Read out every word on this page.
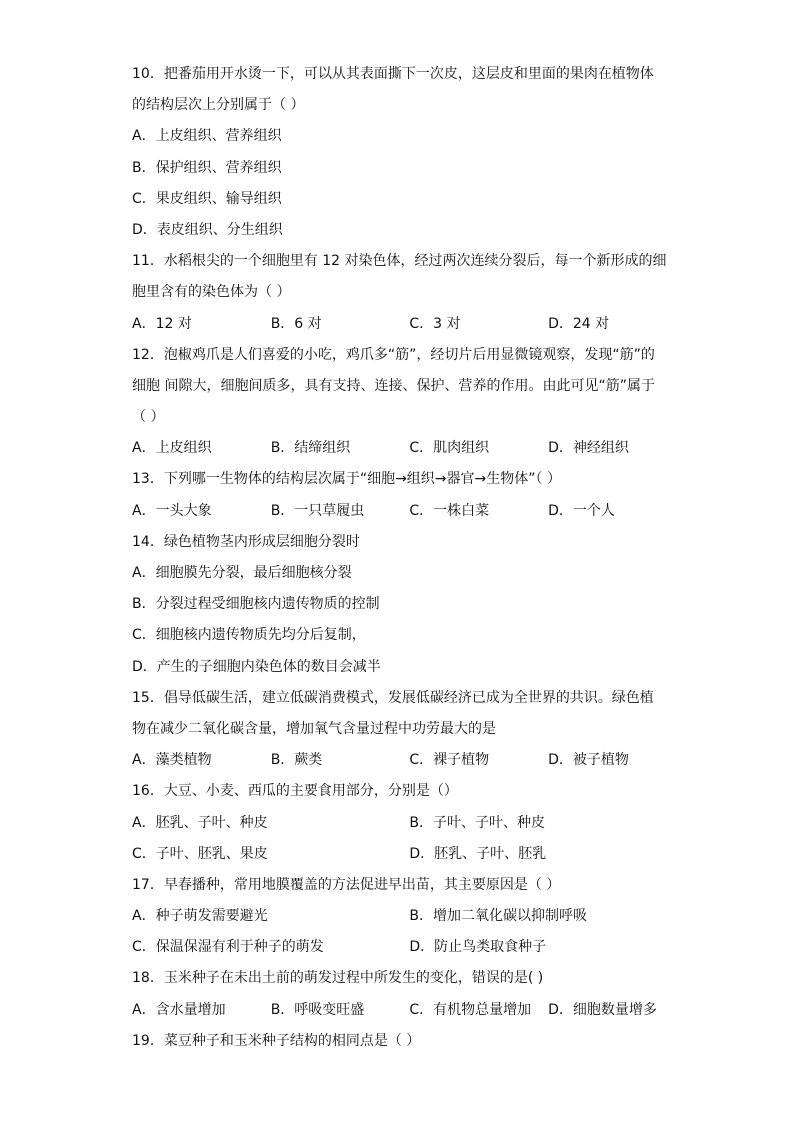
10．把番茄用开水烫一下，可以从其表面撕下一次皮，这层皮和里面的果肉在植物体
的结构层次上分别属于（ ）
A．上皮组织、营养组织
B．保护组织、营养组织
C．果皮组织、输导组织
D．表皮组织、分生组织
11．水稻根尖的一个细胞里有 12 对染色体，经过两次连续分裂后，每一个新形成的细
胞里含有的染色体为（ ）
A．12 对	B．6 对	C．3 对	D．24 对
12．泡椒鸡爪是人们喜爱的小吃，鸡爪多“筋”，经切片后用显微镜观察，发现“筋”的
细胞 间隙大，细胞间质多，具有支持、连接、保护、营养的作用。由此可见“筋”属于
（ ）
A．上皮组织	B．结缔组织	C．肌肉组织	D．神经组织
13．下列哪一生物体的结构层次属于“细胞→组织→器官→生物体”（ ）
A．一头大象	B．一只草履虫	C．一株白菜	D．一个人
14．绿色植物茎内形成层细胞分裂时
A．细胞膜先分裂，最后细胞核分裂
B．分裂过程受细胞核内遗传物质的控制
C．细胞核内遗传物质先均分后复制，
D．产生的子细胞内染色体的数目会减半
15．倡导低碳生活，建立低碳消费模式，发展低碳经济已成为全世界的共识。绿色植
物在减少二氧化碳含量，增加氧气含量过程中功劳最大的是
A．藻类植物	B．蕨类	C．裸子植物	D．被子植物
16．大豆、小麦、西瓜的主要食用部分，分别是（）
A．胚乳、子叶、种皮	B．子叶、子叶、种皮
C．子叶、胚乳、果皮	D．胚乳、子叶、胚乳
17．早春播种，常用地膜覆盖的方法促进早出苗，其主要原因是（ ）
A．种子萌发需要避光	B．增加二氧化碳以抑制呼吸
C．保温保湿有利于种子的萌发	D．防止鸟类取食种子
18．玉米种子在未出土前的萌发过程中所发生的变化，错误的是( )
A．含水量增加	B．呼吸变旺盛	C．有机物总量增加	D．细胞数量增多
19．菜豆种子和玉米种子结构的相同点是（ ）
